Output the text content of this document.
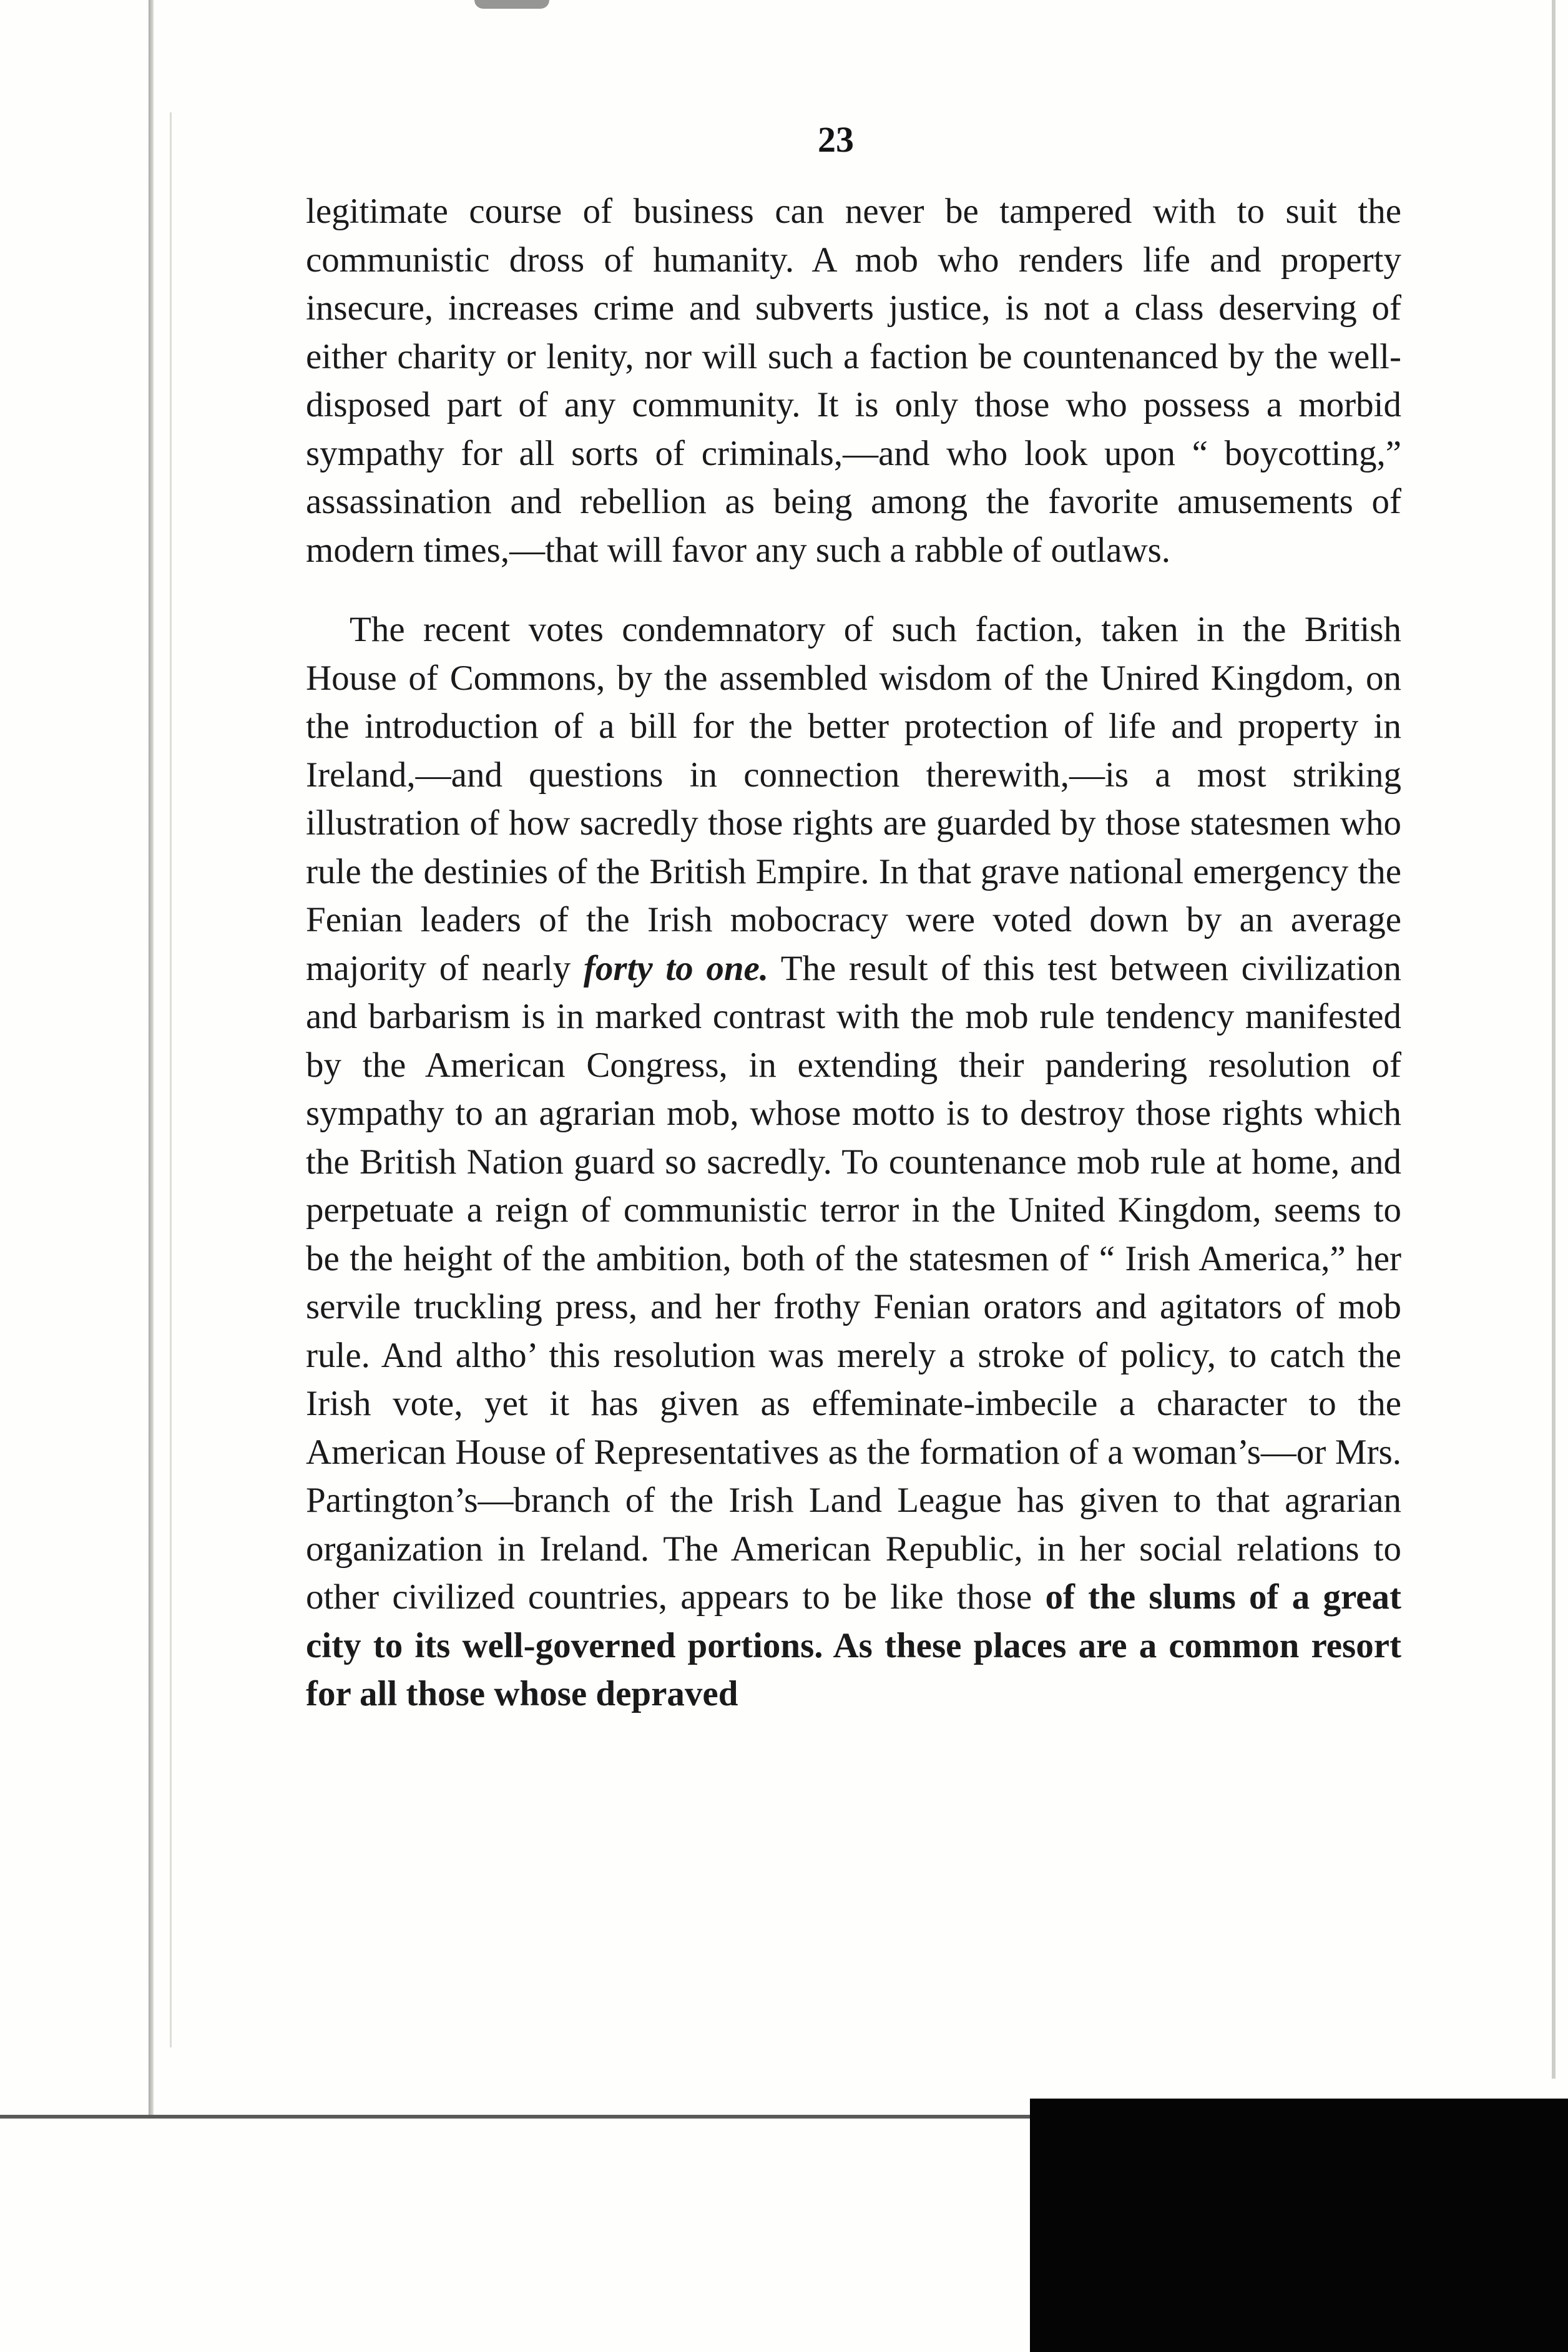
23

legitimate course of business can never be tampered with to suit the communistic dross of humanity. A mob who renders life and property insecure, increases crime and subverts justice, is not a class deserving of either charity or lenity, nor will such a faction be countenanced by the well-disposed part of any community. It is only those who possess a morbid sympathy for all sorts of criminals,—and who look upon “ boycotting,” assassination and rebellion as being among the favorite amusements of modern times,—that will favor any such a rabble of outlaws.

The recent votes condemnatory of such faction, taken in the British House of Commons, by the assembled wisdom of the Unired Kingdom, on the introduction of a bill for the better protection of life and property in Ireland,—and questions in connection therewith,—is a most striking illustration of how sacredly those rights are guarded by those statesmen who rule the destinies of the British Empire. In that grave national emergency the Fenian leaders of the Irish mobocracy were voted down by an average majority of nearly forty to one. The result of this test between civilization and barbarism is in marked contrast with the mob rule tendency manifested by the American Congress, in extending their pandering resolution of sympathy to an agrarian mob, whose motto is to destroy those rights which the British Nation guard so sacredly. To countenance mob rule at home, and perpetuate a reign of communistic terror in the United Kingdom, seems to be the height of the ambition, both of the statesmen of “ Irish America,” her servile truckling press, and her frothy Fenian orators and agitators of mob rule. And altho’ this resolution was merely a stroke of policy, to catch the Irish vote, yet it has given as effeminate-imbecile a character to the American House of Representatives as the formation of a woman’s—or Mrs. Partington’s—branch of the Irish Land League has given to that agrarian organization in Ireland. The American Republic, in her social relations to other civilized countries, appears to be like those of the slums of a great city to its well-governed portions. As these places are a common resort for all those whose depraved
